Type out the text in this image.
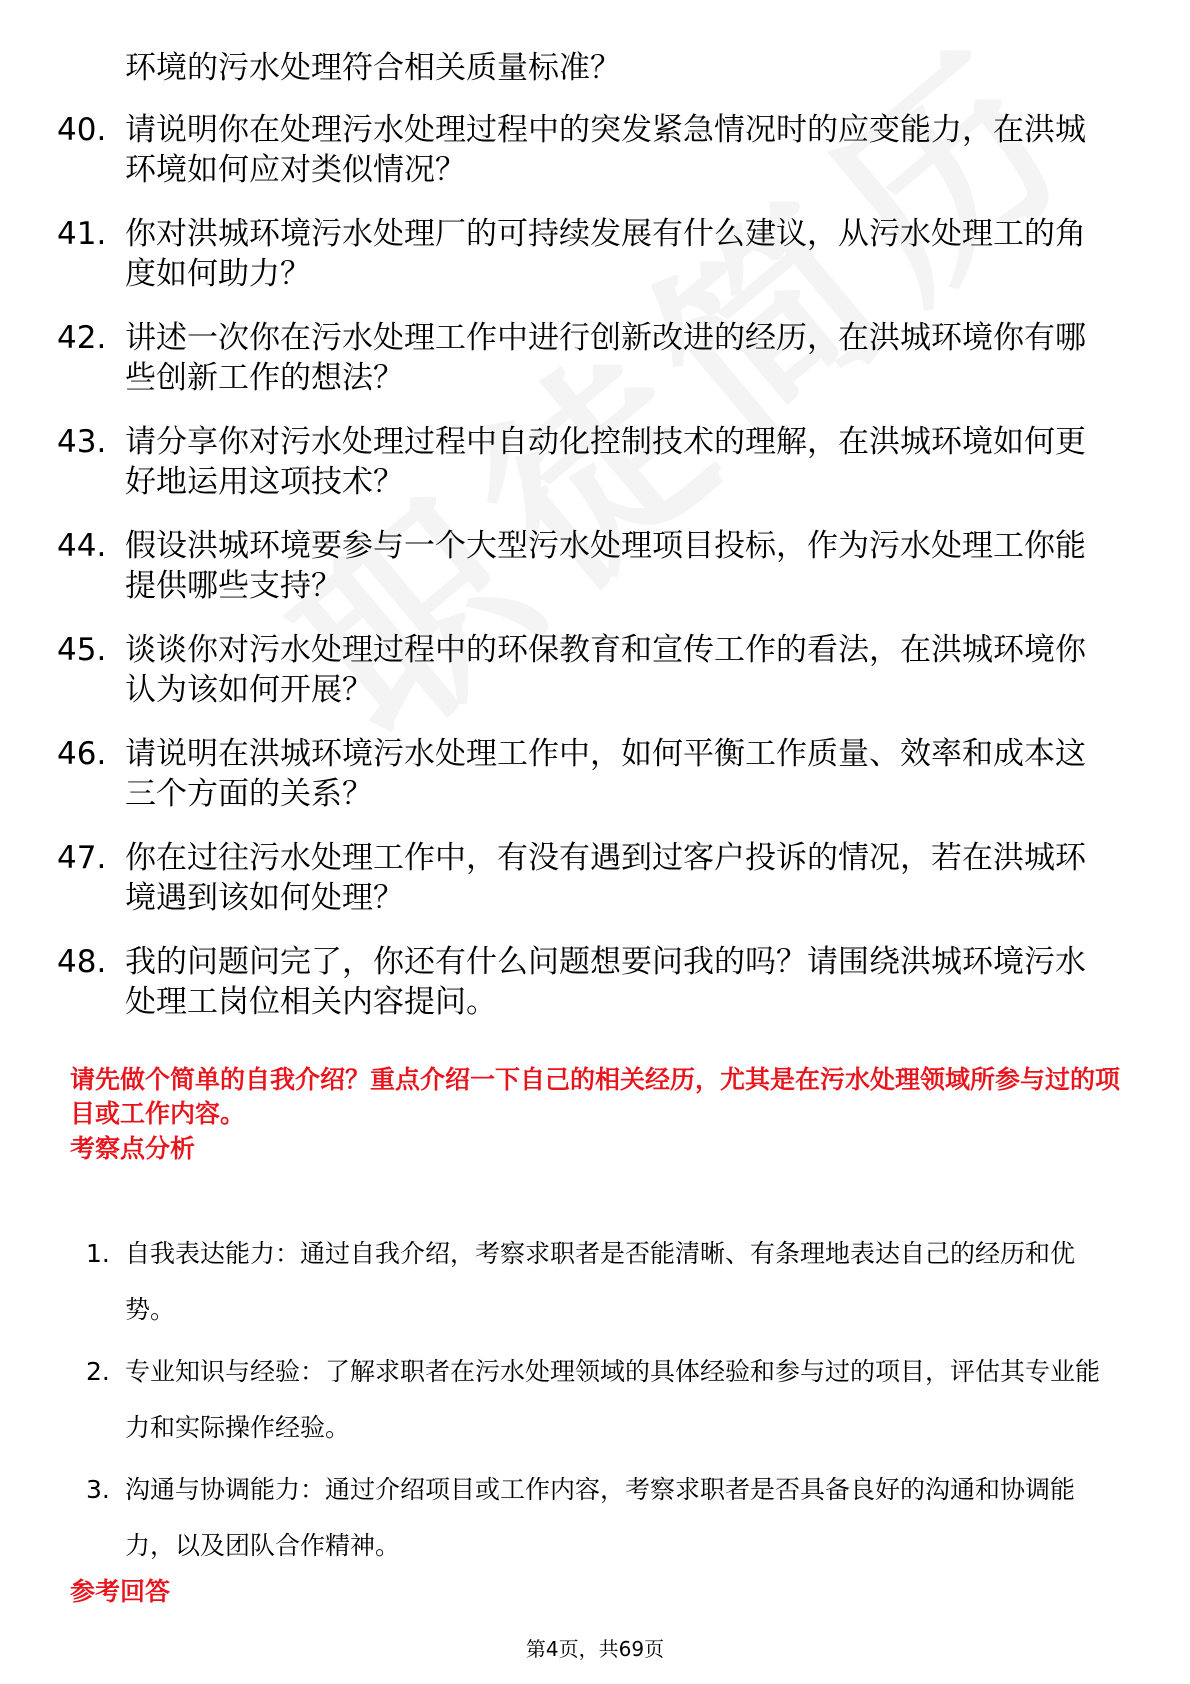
环境的污水处理符合相关质量标准？

40. 请说明你在处理污水处理过程中的突发紧急情况时的应变能力，在洪城环境如何应对类似情况？
41. 你对洪城环境污水处理厂的可持续发展有什么建议，从污水处理工的角度如何助力？
42. 讲述一次你在污水处理工作中进行创新改进的经历，在洪城环境你有哪些创新工作的想法？
43. 请分享你对污水处理过程中自动化控制技术的理解，在洪城环境如何更好地运用这项技术？
44. 假设洪城环境要参与一个大型污水处理项目投标，作为污水处理工你能提供哪些支持？
45. 谈谈你对污水处理过程中的环保教育和宣传工作的看法，在洪城环境你认为该如何开展？
46. 请说明在洪城环境污水处理工作中，如何平衡工作质量、效率和成本这三个方面的关系？
47. 你在过往污水处理工作中，有没有遇到过客户投诉的情况，若在洪城环境遇到该如何处理？
48. 我的问题问完了，你还有什么问题想要问我的吗？请围绕洪城环境污水处理工岗位相关内容提问。

请先做个简单的自我介绍？重点介绍一下自己的相关经历，尤其是在污水处理领域所参与过的项目或工作内容。

考察点分析
1. 自我表达能力：通过自我介绍，考察求职者是否能清晰、有条理地表达自己的经历和优势。
2. 专业知识与经验：了解求职者在污水处理领域的具体经验和参与过的项目，评估其专业能力和实际操作经验。
3. 沟通与协调能力：通过介绍项目或工作内容，考察求职者是否具备良好的沟通和协调能力，以及团队合作精神。
参考回答

第4页，共69页
